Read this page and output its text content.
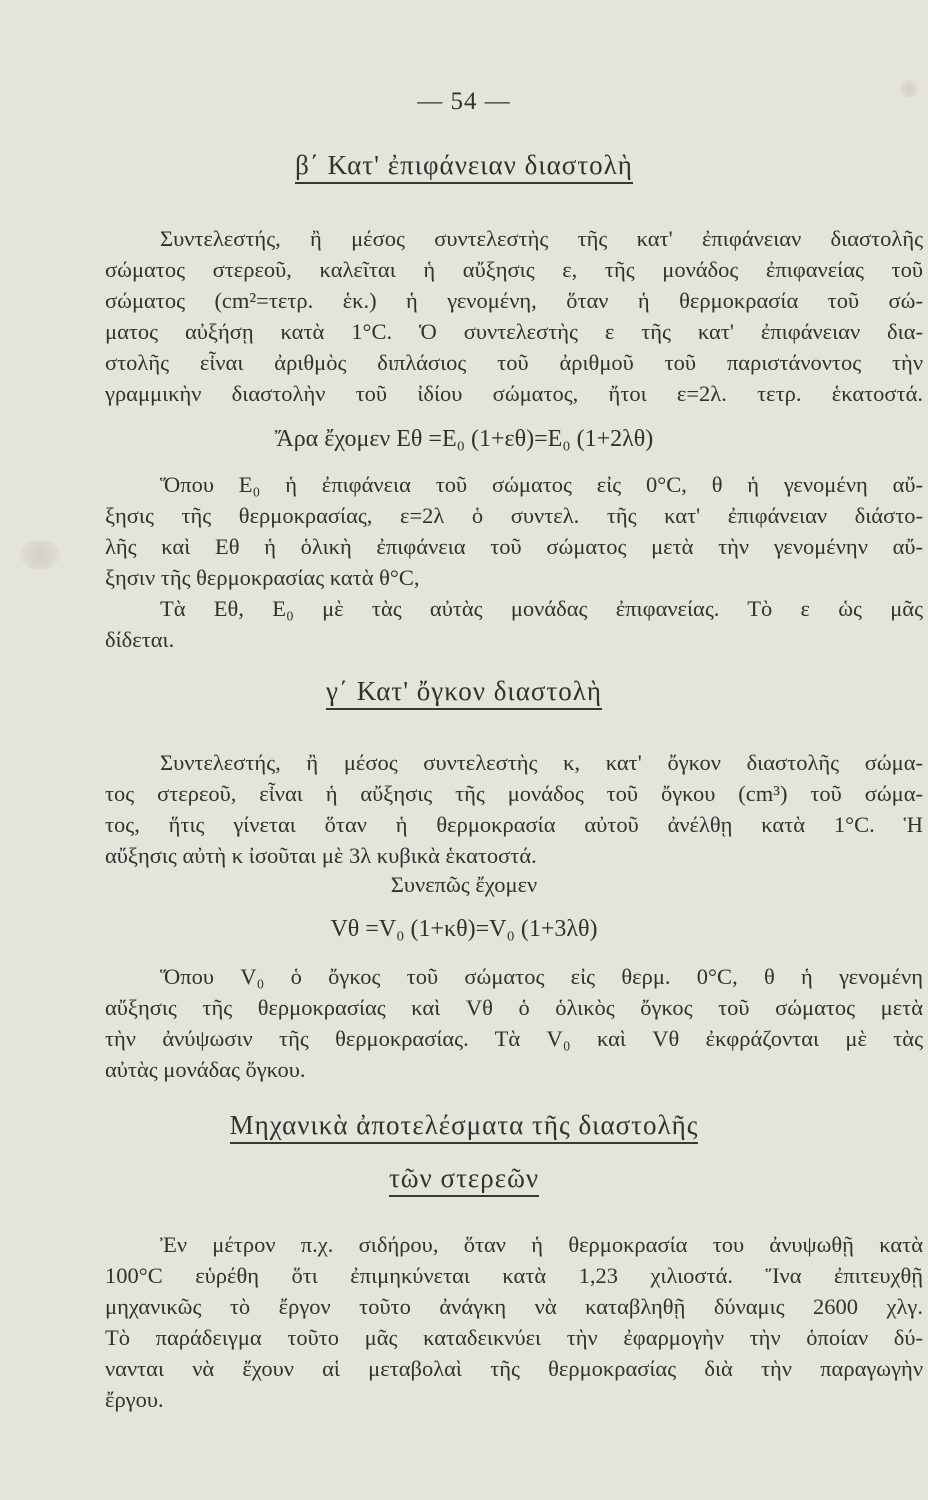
— 54 —
β΄ Κατ' ἐπιφάνειαν διαστολὴ
Συντελεστής, ἢ μέσος συντελεστὴς τῆς κατ' ἐπιφάνειαν διαστολῆς
σώματος στερεοῦ, καλεῖται ἡ αὔξησις ε, τῆς μονάδος ἐπιφανείας τοῦ
σώματος (cm²=τετρ. ἑκ.) ἡ γενομένη, ὅταν ἡ θερμοκρασία τοῦ σώ-
ματος αὐξήσῃ κατὰ 1°C. Ὁ συντελεστὴς ε τῆς κατ' ἐπιφάνειαν δια-
στολῆς εἶναι ἀριθμὸς διπλάσιος τοῦ ἀριθμοῦ τοῦ παριστάνοντος τὴν
γραμμικὴν διαστολὴν τοῦ ἰδίου σώματος, ἤτοι ε=2λ. τετρ. ἑκατοστά.
Ἄρα ἔχομεν Eθ =E₀ (1+εθ)=E₀ (1+2λθ)
Ὅπου E₀ ἡ ἐπιφάνεια τοῦ σώματος εἰς 0°C, θ ἡ γενομένη αὔ-
ξησις τῆς θερμοκρασίας, ε=2λ ὁ συντελ. τῆς κατ' ἐπιφάνειαν διάστο-
λῆς καὶ Eθ ἡ ὁλικὴ ἐπιφάνεια τοῦ σώματος μετὰ τὴν γενομένην αὔ-
ξησιν τῆς θερμοκρασίας κατὰ θ°C,
Τὰ Eθ, E₀ μὲ τὰς αὐτὰς μονάδας ἐπιφανείας. Τὸ ε ὡς μᾶς
δίδεται.
γ΄ Κατ' ὄγκον διαστολὴ
Συντελεστής, ἢ μέσος συντελεστὴς κ, κατ' ὄγκον διαστολῆς σώμα-
τος στερεοῦ, εἶναι ἡ αὔξησις τῆς μονάδος τοῦ ὄγκου (cm³) τοῦ σώμα-
τος, ἥτις γίνεται ὅταν ἡ θερμοκρασία αὐτοῦ ἀνέλθῃ κατὰ 1°C. Ἡ
αὔξησις αὐτὴ κ ἰσοῦται μὲ 3λ κυβικὰ ἑκατοστά.
Συνεπῶς ἔχομεν
Vθ =V₀ (1+κθ)=V₀ (1+3λθ)
Ὅπου V₀ ὁ ὄγκος τοῦ σώματος εἰς θερμ. 0°C, θ ἡ γενομένη
αὔξησις τῆς θερμοκρασίας καὶ Vθ ὁ ὁλικὸς ὄγκος τοῦ σώματος μετὰ
τὴν ἀνύψωσιν τῆς θερμοκρασίας. Τὰ V₀ καὶ Vθ ἐκφράζονται μὲ τὰς
αὐτὰς μονάδας ὄγκου.
Μηχανικὰ ἀποτελέσματα τῆς διαστολῆς
τῶν στερεῶν
Ἐν μέτρον π.χ. σιδήρου, ὅταν ἡ θερμοκρασία του ἀνυψωθῇ κατὰ
100°C εὑρέθη ὅτι ἐπιμηκύνεται κατὰ 1,23 χιλιοστά. Ἵνα ἐπιτευχθῇ
μηχανικῶς τὸ ἔργον τοῦτο ἀνάγκη νὰ καταβληθῇ δύναμις 2600 χλγ.
Τὸ παράδειγμα τοῦτο μᾶς καταδεικνύει τὴν ἐφαρμογὴν τὴν ὁποίαν δύ-
νανται νὰ ἔχουν αἱ μεταβολαὶ τῆς θερμοκρασίας διὰ τὴν παραγωγὴν
ἔργου.
